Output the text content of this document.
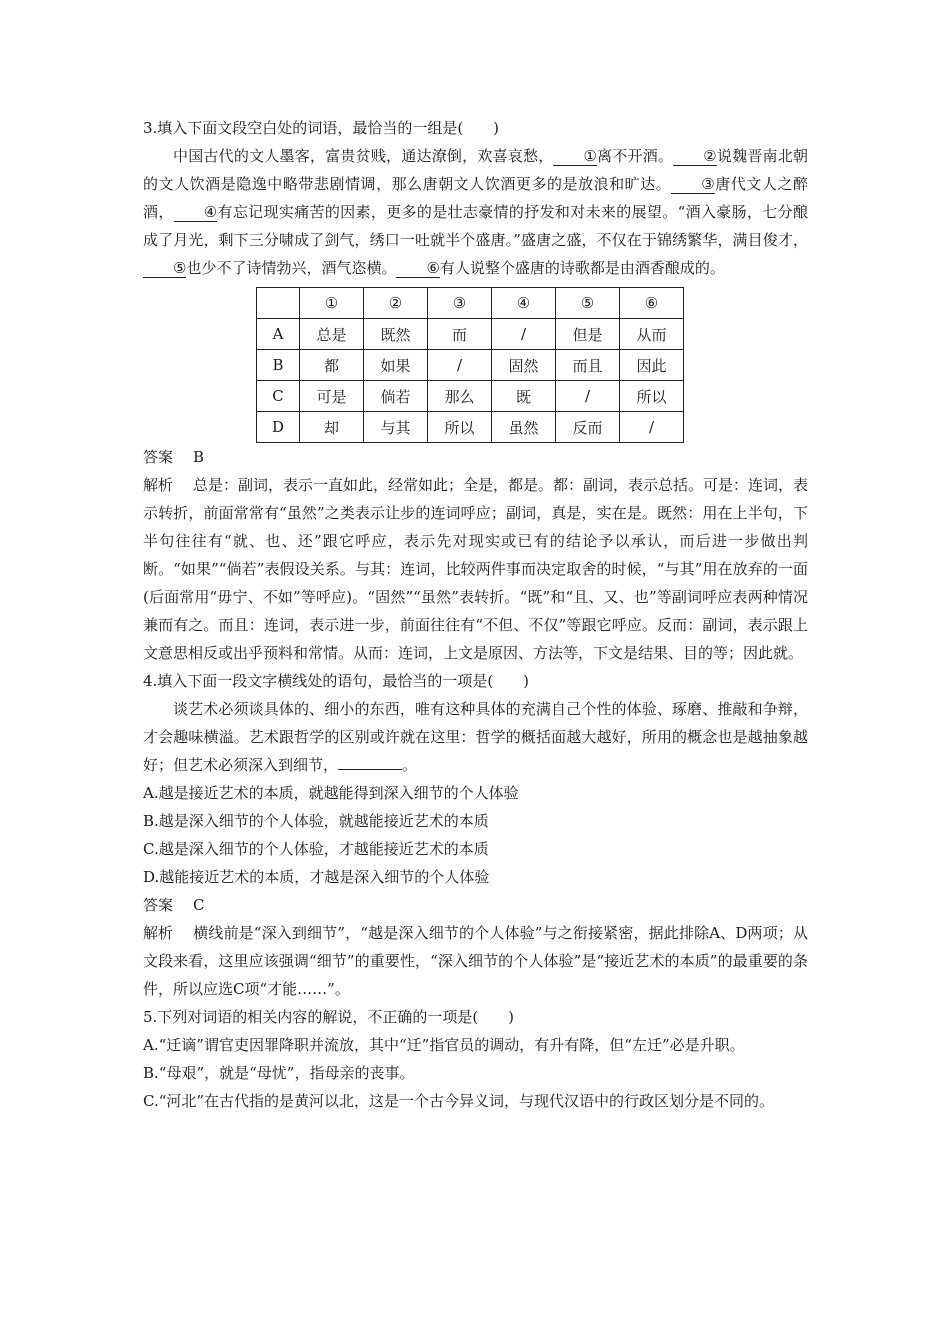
3.填入下面文段空白处的词语，最恰当的一组是(　　)

中国古代的文人墨客，富贵贫贱，通达潦倒，欢喜哀愁， ①离不开酒。 ②说魏晋南北朝的文人饮酒是隐逸中略带悲剧情调，那么唐朝文人饮酒更多的是放浪和旷达。 ③唐代文人之醉酒， ④有忘记现实痛苦的因素，更多的是壮志豪情的抒发和对未来的展望。“酒入豪肠，七分酿成了月光，剩下三分啸成了剑气，绣口一吐就半个盛唐。”盛唐之盛，不仅在于锦绣繁华，满目俊才，⑤也少不了诗情勃兴，酒气恣横。 ⑥有人说整个盛唐的诗歌都是由酒香酿成的。

	①	②	③	④	⑤	⑥
A	总是	既然	而	/	但是	从而
B	都	如果	/	固然	而且	因此
C	可是	倘若	那么	既	/	所以
D	却	与其	所以	虽然	反而	/

答案 B

解析 总是：副词，表示一直如此，经常如此；全是，都是。都：副词，表示总括。可是：连词，表示转折，前面常常有“虽然”之类表示让步的连词呼应；副词，真是，实在是。既然：用在上半句，下半句往往有“就、也、还”跟它呼应，表示先对现实或已有的结论予以承认，而后进一步做出判断。“如果”“倘若”表假设关系。与其：连词，比较两件事而决定取舍的时候，“与其”用在放弃的一面(后面常用“毋宁、不如”等呼应)。“固然”“虽然”表转折。“既”和“且、又、也”等副词呼应表两种情况兼而有之。而且：连词，表示进一步，前面往往有“不但、不仅”等跟它呼应。反而：副词，表示跟上文意思相反或出乎预料和常情。从而：连词，上文是原因、方法等，下文是结果、目的等；因此就。

4.填入下面一段文字横线处的语句，最恰当的一项是(　　)

谈艺术必须谈具体的、细小的东西，唯有这种具体的充满自己个性的体验、琢磨、推敲和争辩，才会趣味横溢。艺术跟哲学的区别或许就在这里：哲学的概括面越大越好，所用的概念也是越抽象越好；但艺术必须深入到细节，	。

A.越是接近艺术的本质，就越能得到深入细节的个人体验

B.越是深入细节的个人体验，就越能接近艺术的本质

C.越是深入细节的个人体验，才越能接近艺术的本质

D.越能接近艺术的本质，才越是深入细节的个人体验

答案 C

解析 横线前是“深入到细节”，“越是深入细节的个人体验”与之衔接紧密，据此排除A、D两项；从文段来看，这里应该强调“细节”的重要性，“深入细节的个人体验”是“接近艺术的本质”的最重要的条件，所以应选C项“才能……”。

5.下列对词语的相关内容的解说，不正确的一项是(　　)

A.“迁谪”谓官吏因罪降职并流放，其中“迁”指官员的调动，有升有降，但“左迁”必是升职。

B.“母艰”，就是“母忧”，指母亲的丧事。

C.“河北”在古代指的是黄河以北，这是一个古今异义词，与现代汉语中的行政区划分是不同的。
